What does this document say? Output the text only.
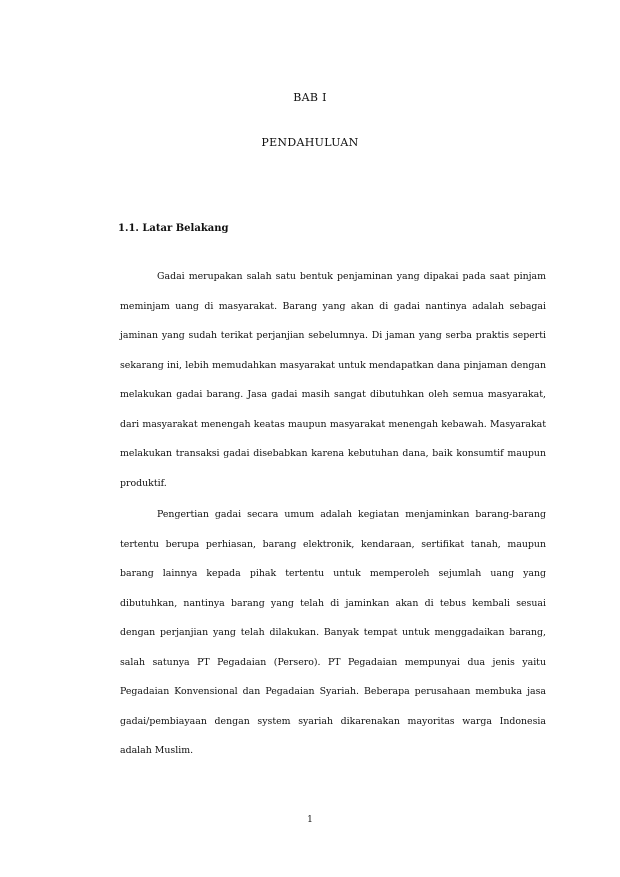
BAB I

PENDAHULUAN

1.1. Latar Belakang

Gadai merupakan salah satu bentuk penjaminan yang dipakai pada saat pinjam meminjam uang di masyarakat. Barang yang akan di gadai nantinya adalah sebagai jaminan yang sudah terikat perjanjian sebelumnya. Di jaman yang serba praktis seperti sekarang ini, lebih memudahkan masyarakat untuk mendapatkan dana pinjaman dengan melakukan gadai barang. Jasa gadai masih sangat dibutuhkan oleh semua masyarakat, dari masyarakat menengah keatas maupun masyarakat menengah kebawah. Masyarakat melakukan transaksi gadai disebabkan karena kebutuhan dana, baik konsumtif maupun produktif.

Pengertian gadai secara umum adalah kegiatan menjaminkan barang-barang tertentu berupa perhiasan, barang elektronik, kendaraan, sertifikat tanah, maupun barang lainnya kepada pihak tertentu untuk memperoleh sejumlah uang yang dibutuhkan, nantinya barang yang telah di jaminkan akan di tebus kembali sesuai dengan perjanjian yang telah dilakukan. Banyak tempat untuk menggadaikan barang, salah satunya PT Pegadaian (Persero). PT Pegadaian mempunyai dua jenis yaitu Pegadaian Konvensional dan Pegadaian Syariah. Beberapa perusahaan membuka jasa gadai/pembiayaan dengan system syariah dikarenakan mayoritas warga Indonesia adalah Muslim.

1
